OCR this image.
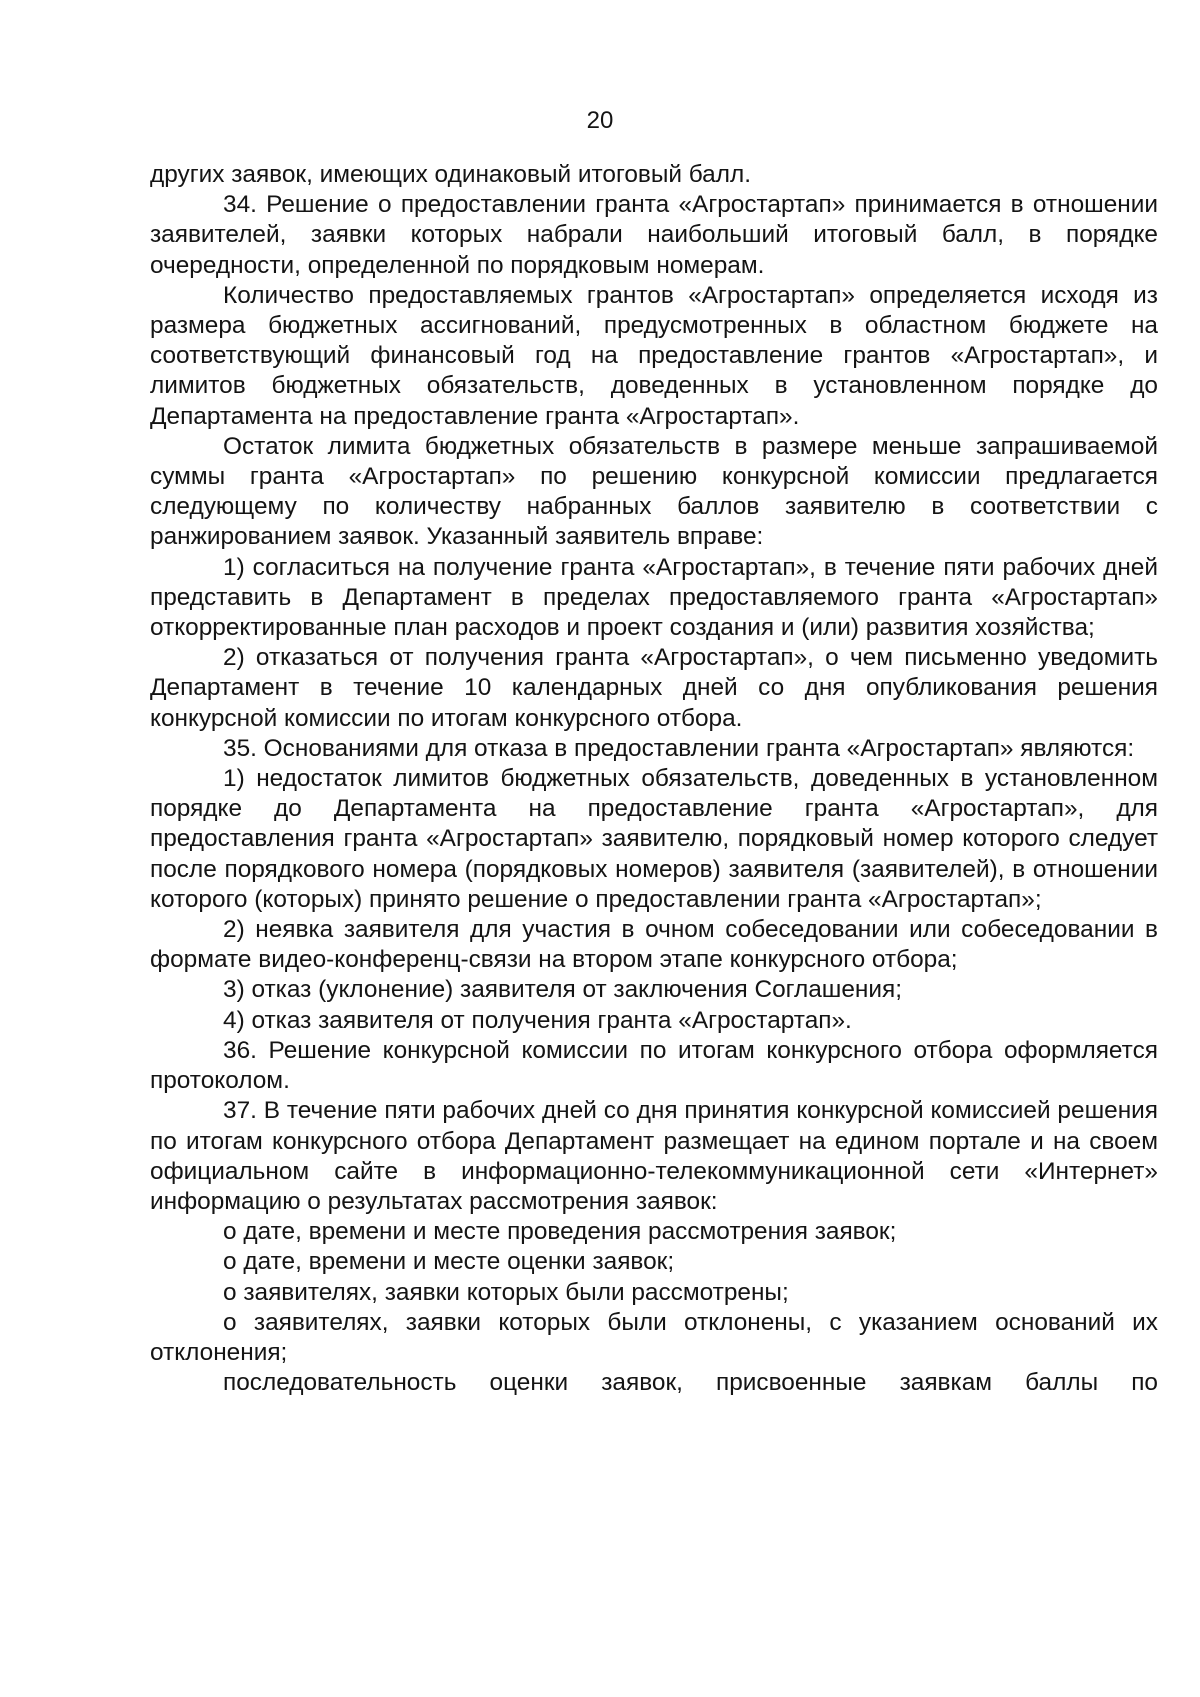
20

других заявок, имеющих одинаковый итоговый балл.

34. Решение о предоставлении гранта «Агростартап» принимается в отношении заявителей, заявки которых набрали наибольший итоговый балл, в порядке очередности, определенной по порядковым номерам.

Количество предоставляемых грантов «Агростартап» определяется исходя из размера бюджетных ассигнований, предусмотренных в областном бюджете на соответствующий финансовый год на предоставление грантов «Агростартап», и лимитов бюджетных обязательств, доведенных в установленном порядке до Департамента на предоставление гранта «Агростартап».

Остаток лимита бюджетных обязательств в размере меньше запрашиваемой суммы гранта «Агростартап» по решению конкурсной комиссии предлагается следующему по количеству набранных баллов заявителю в соответствии с ранжированием заявок. Указанный заявитель вправе:

1) согласиться на получение гранта «Агростартап», в течение пяти рабочих дней представить в Департамент в пределах предоставляемого гранта «Агростартап» откорректированные план расходов и проект создания и (или) развития хозяйства;

2) отказаться от получения гранта «Агростартап», о чем письменно уведомить Департамент в течение 10 календарных дней со дня опубликования решения конкурсной комиссии по итогам конкурсного отбора.

35. Основаниями для отказа в предоставлении гранта «Агростартап» являются:

1) недостаток лимитов бюджетных обязательств, доведенных в установленном порядке до Департамента на предоставление гранта «Агростартап», для предоставления гранта «Агростартап» заявителю, порядковый номер которого следует после порядкового номера (порядковых номеров) заявителя (заявителей), в отношении которого (которых) принято решение о предоставлении гранта «Агростартап»;

2) неявка заявителя для участия в очном собеседовании или собеседовании в формате видео-конференц-связи на втором этапе конкурсного отбора;

3) отказ (уклонение) заявителя от заключения Соглашения;

4) отказ заявителя от получения гранта «Агростартап».

36. Решение конкурсной комиссии по итогам конкурсного отбора оформляется протоколом.

37. В течение пяти рабочих дней со дня принятия конкурсной комиссией решения по итогам конкурсного отбора Департамент размещает на едином портале и на своем официальном сайте в информационно-телекоммуникационной сети «Интернет» информацию о результатах рассмотрения заявок:

о дате, времени и месте проведения рассмотрения заявок;

о дате, времени и месте оценки заявок;

о заявителях, заявки которых были рассмотрены;

о заявителях, заявки которых были отклонены, с указанием оснований их отклонения;

последовательность оценки заявок, присвоенные заявкам баллы по
